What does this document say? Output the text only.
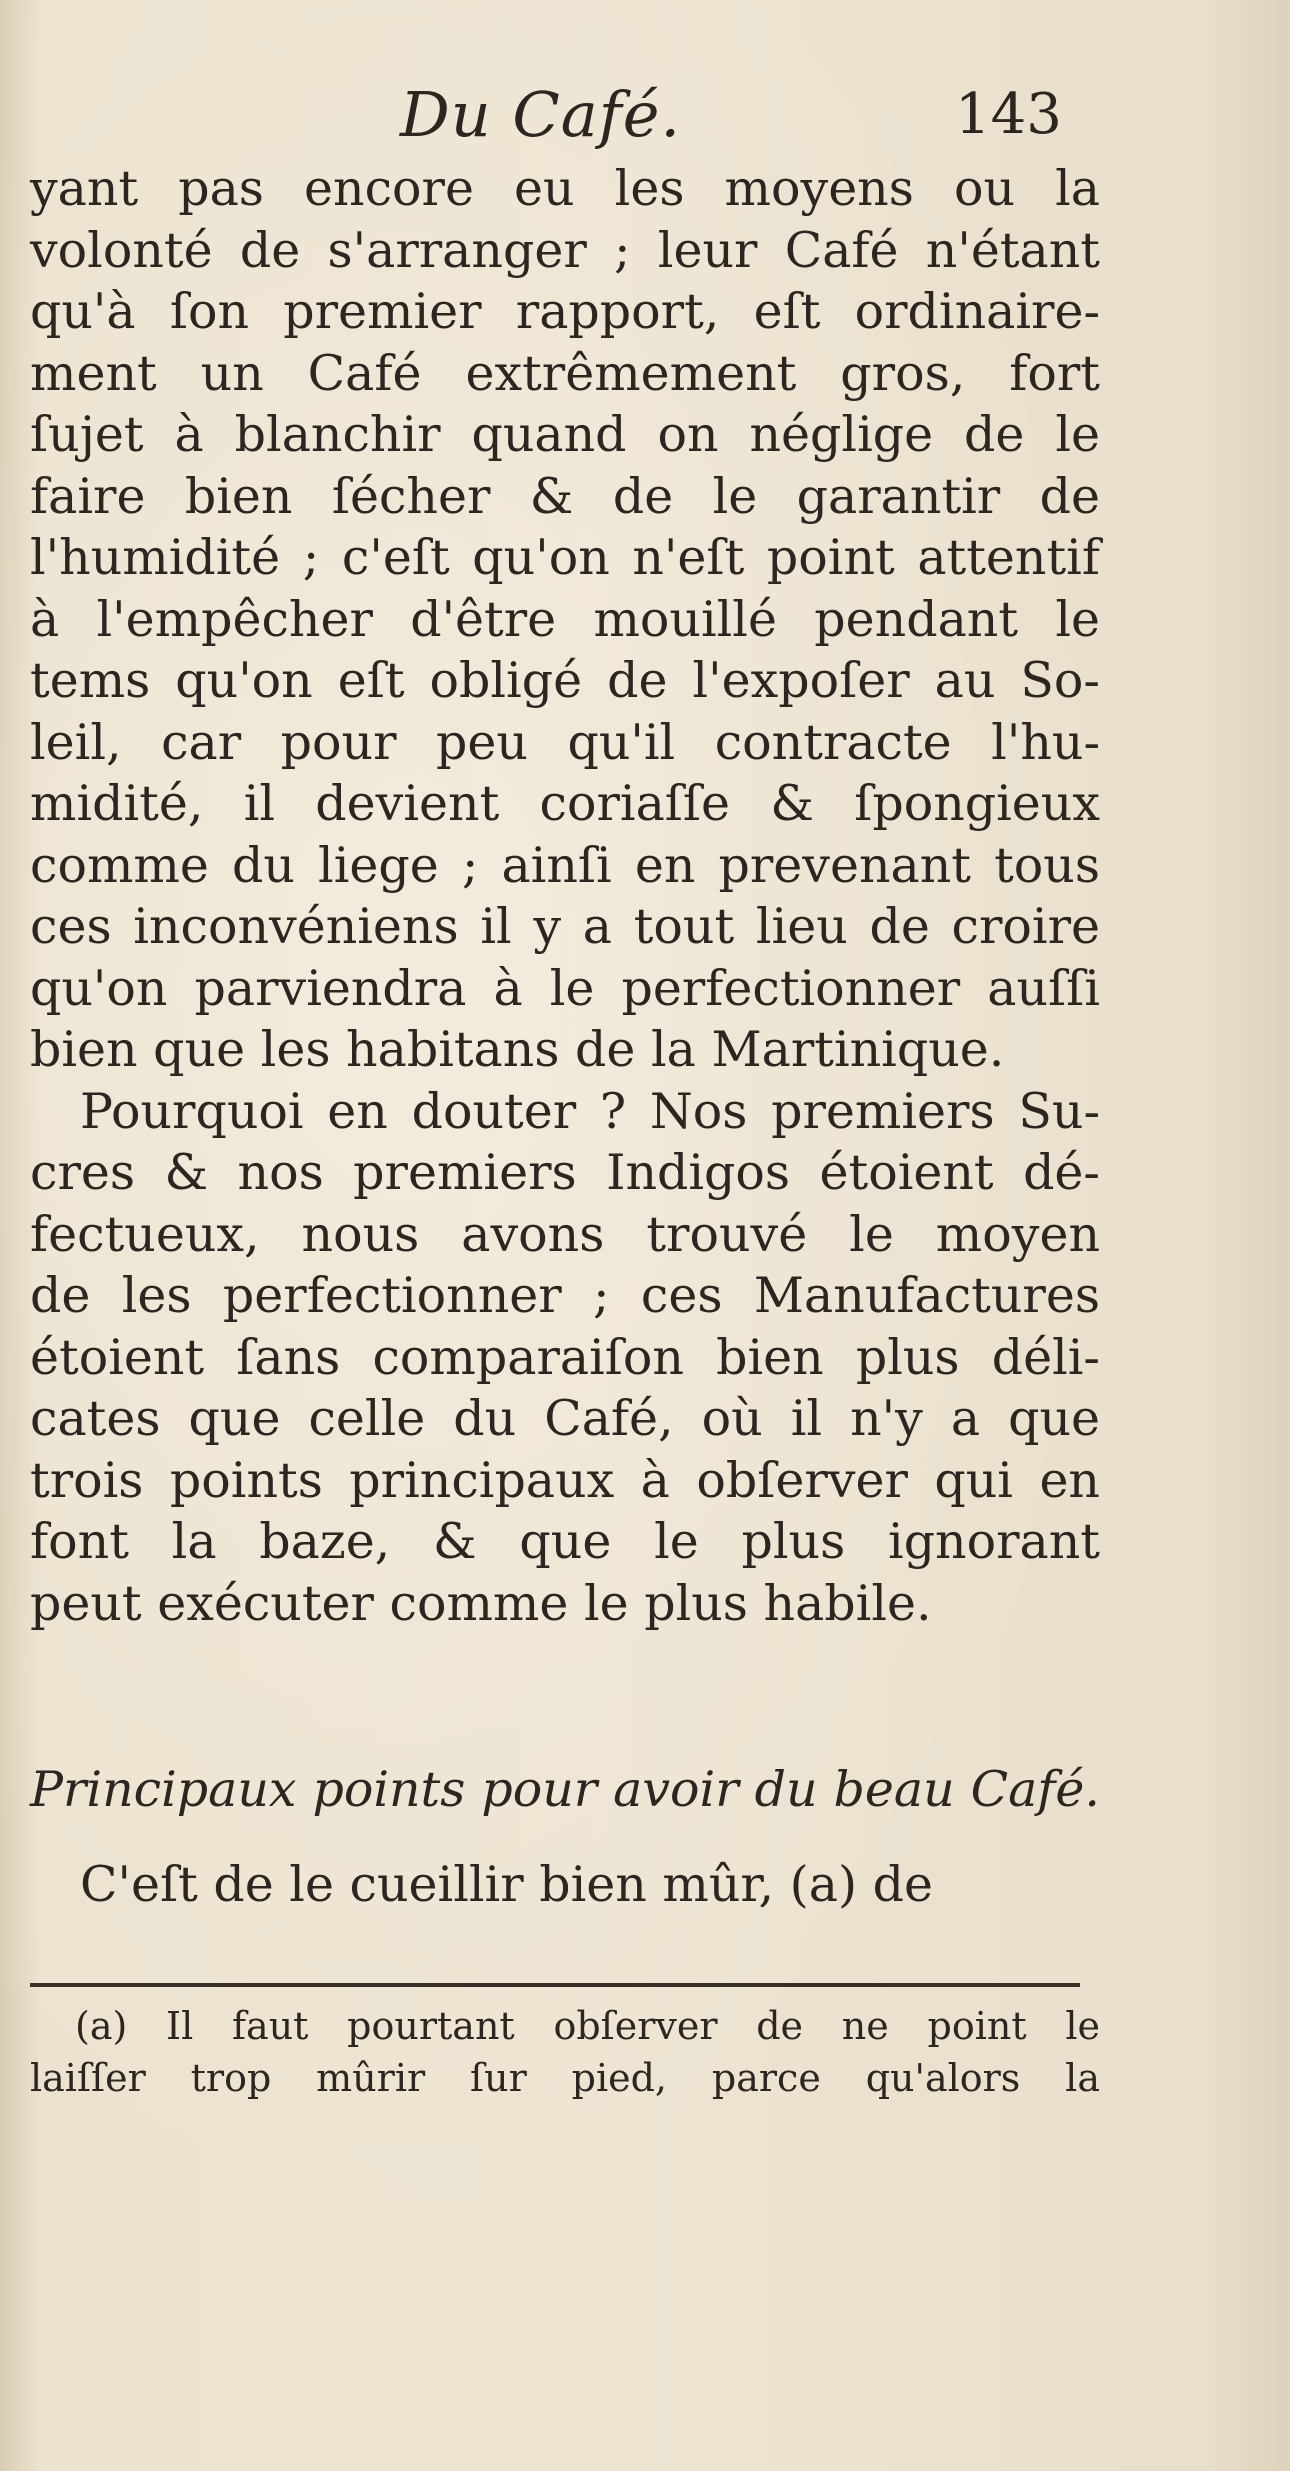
Du Café.	143
yant pas encore eu les moyens ou la
volonté de s'arranger ; leur Café n'étant
qu'à ſon premier rapport, eſt ordinaire-
ment un Café extrêmement gros, fort
ſujet à blanchir quand on néglige de le
faire bien ſécher & de le garantir de
l'humidité ; c'eſt qu'on n'eſt point attentif
à l'empêcher d'être mouillé pendant le
tems qu'on eſt obligé de l'expoſer au So-
leil, car pour peu qu'il contracte l'hu-
midité, il devient coriaſſe & ſpongieux
comme du liege ; ainſi en prevenant tous
ces inconvéniens il y a tout lieu de croire
qu'on parviendra à le perfectionner auſſi
bien que les habitans de la Martinique.
Pourquoi en douter ? Nos premiers Su-
cres & nos premiers Indigos étoient dé-
fectueux, nous avons trouvé le moyen
de les perfectionner ; ces Manufactures
étoient ſans comparaiſon bien plus déli-
cates que celle du Café, où il n'y a que
trois points principaux à obſerver qui en
font la baze, & que le plus ignorant
peut exécuter comme le plus habile.
Principaux points pour avoir du beau Café.
C'eſt de le cueillir bien mûr, (a) de
(a) Il faut pourtant obſerver de ne point le
laiſſer trop mûrir ſur pied, parce qu'alors la
